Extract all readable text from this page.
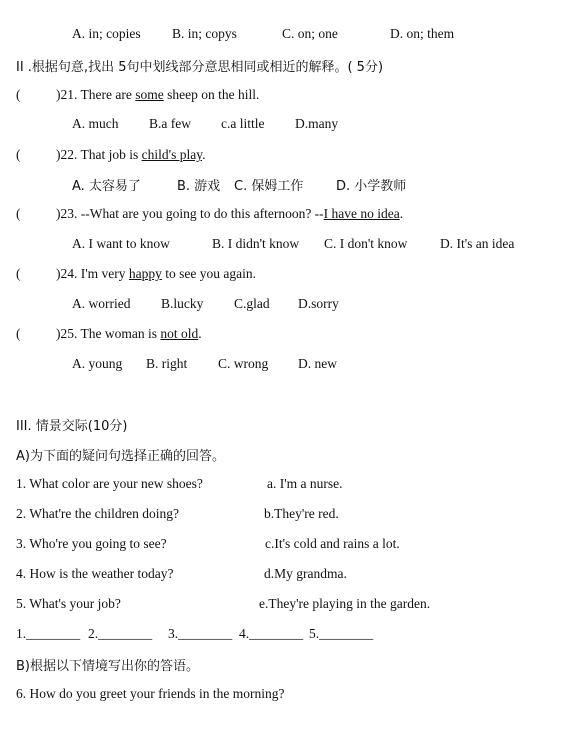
A. in; copies B. in; copys	C. on; one	D. on; them
II .根据句意,找出 5句中划线部分意思相同或相近的解释。( 5分)
(	)21. There are some sheep on the hill.
A. much B.a few c.a little D.many
(	)22. That job is child's play.
A. 太容易了	B. 游戏 C. 保姆工作	D. 小学教师
(	)23. --What are you going to do this afternoon? --I have no idea.
A. I want to know	B. I didn't know C. I don't know D. It's an idea
(	)24. I'm very happy to see you again.
A. worried B.lucky C.glad D.sorry
(	)25. The woman is not old.
A. young B. right C. wrong D. new
III. 情景交际(10分)
A)为下面的疑问句选择正确的回答。
1. What color are your new shoes?	a. I'm a nurse.
2. What're the children doing?	b.They're red.
3. Who're you going to see?	c.It's cold and rains a lot.
4. How is the weather today?	d.My grandma.
5. What's your job?	e.They're playing in the garden.
1.________ 2.________ 3.________ 4.________ 5.________
B)根据以下情境写出你的答语。
6. How do you greet your friends in the morning?
